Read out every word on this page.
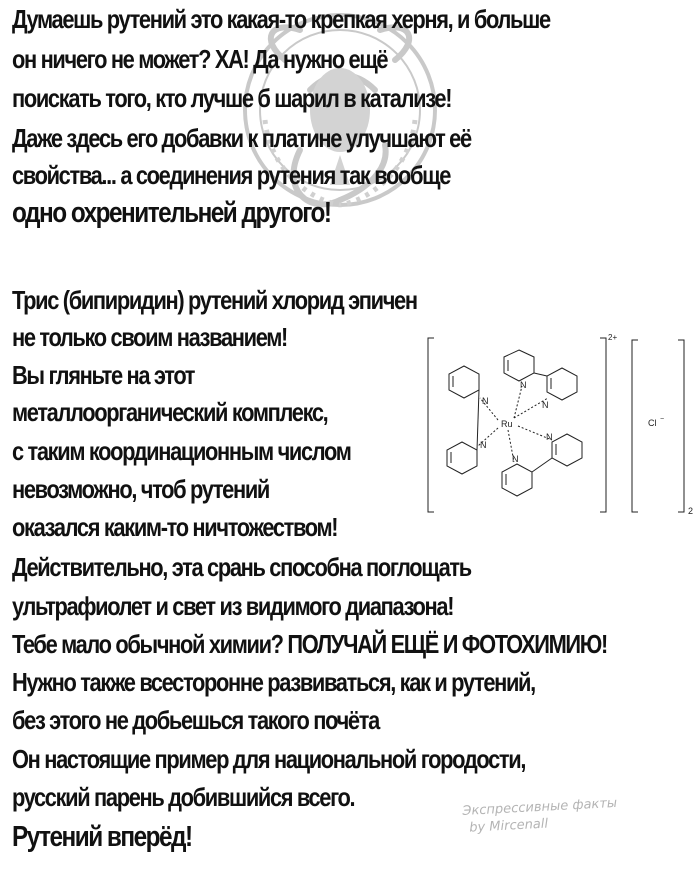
Думаешь рутений это какая-то крепкая херня, и больше
он ничего не может? ХА! Да нужно ещё
поискать того, кто лучше б шарил в катализе!
Даже здесь его добавки к платине улучшают её
свойства... а соединения рутения так вообще
одно охренительней другого!
Трис (бипиридин) рутений хлорид эпичен
не только своим названием!
Вы гляньте на этот
металлоорганический комплекс,
с таким координационным числом
невозможно, чтоб рутений
оказался каким-то ничтожеством!
Действительно, эта срань способна поглощать
ультрафиолет и свет из видимого диапазона!
Тебе мало обычной химии? ПОЛУЧАЙ ЕЩЁ И ФОТОХИМИЮ!
Нужно также всесторонне развиваться, как и рутений,
без этого не добьешься такого почёта
Он настоящие пример для национальной городости,
русский парень добившийся всего.
Рутений вперёд!
Ru
N
N	N
N
N
N
2+
Cl −
2
Экспрессивные факты
by Mircenall
